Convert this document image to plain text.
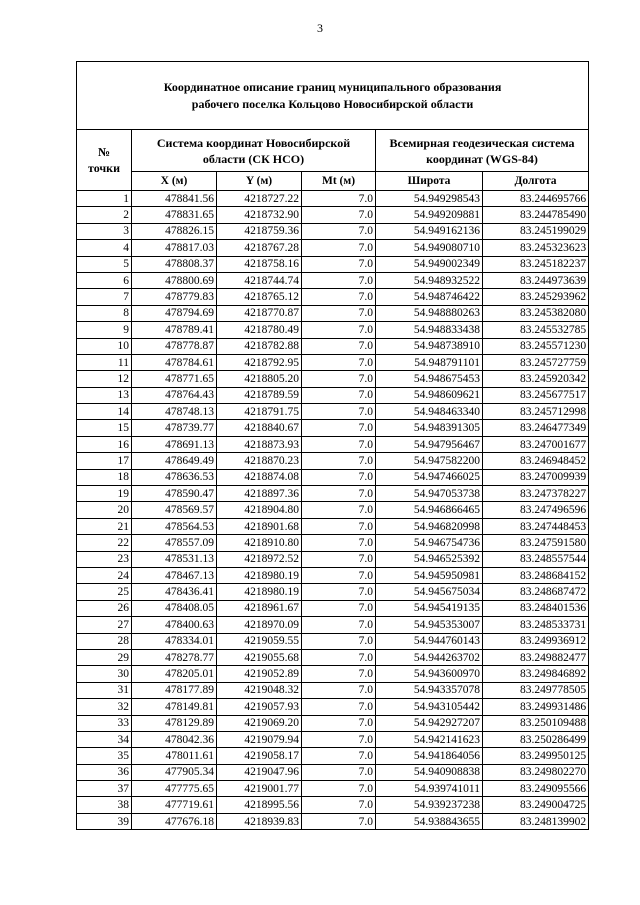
3
Координатное описание границ муниципального образования
рабочего поселка Кольцово Новосибирской области					

№
точки	Система координат Новосибирской
области (СК НСО)			Всемирная геодезическая система
координат (WGS-84)	

	X (м)	Y (м)	Mt (м)	Широта	Долгота
1	478841.56	4218727.22	7.0	54.949298543	83.244695766
2	478831.65	4218732.90	7.0	54.949209881	83.244785490
3	478826.15	4218759.36	7.0	54.949162136	83.245199029
4	478817.03	4218767.28	7.0	54.949080710	83.245323623
5	478808.37	4218758.16	7.0	54.949002349	83.245182237
6	478800.69	4218744.74	7.0	54.948932522	83.244973639
7	478779.83	4218765.12	7.0	54.948746422	83.245293962
8	478794.69	4218770.87	7.0	54.948880263	83.245382080
9	478789.41	4218780.49	7.0	54.948833438	83.245532785
10	478778.87	4218782.88	7.0	54.948738910	83.245571230
11	478784.61	4218792.95	7.0	54.948791101	83.245727759
12	478771.65	4218805.20	7.0	54.948675453	83.245920342
13	478764.43	4218789.59	7.0	54.948609621	83.245677517
14	478748.13	4218791.75	7.0	54.948463340	83.245712998
15	478739.77	4218840.67	7.0	54.948391305	83.246477349
16	478691.13	4218873.93	7.0	54.947956467	83.247001677
17	478649.49	4218870.23	7.0	54.947582200	83.246948452
18	478636.53	4218874.08	7.0	54.947466025	83.247009939
19	478590.47	4218897.36	7.0	54.947053738	83.247378227
20	478569.57	4218904.80	7.0	54.946866465	83.247496596
21	478564.53	4218901.68	7.0	54.946820998	83.247448453
22	478557.09	4218910.80	7.0	54.946754736	83.247591580
23	478531.13	4218972.52	7.0	54.946525392	83.248557544
24	478467.13	4218980.19	7.0	54.945950981	83.248684152
25	478436.41	4218980.19	7.0	54.945675034	83.248687472
26	478408.05	4218961.67	7.0	54.945419135	83.248401536
27	478400.63	4218970.09	7.0	54.945353007	83.248533731
28	478334.01	4219059.55	7.0	54.944760143	83.249936912
29	478278.77	4219055.68	7.0	54.944263702	83.249882477
30	478205.01	4219052.89	7.0	54.943600970	83.249846892
31	478177.89	4219048.32	7.0	54.943357078	83.249778505
32	478149.81	4219057.93	7.0	54.943105442	83.249931486
33	478129.89	4219069.20	7.0	54.942927207	83.250109488
34	478042.36	4219079.94	7.0	54.942141623	83.250286499
35	478011.61	4219058.17	7.0	54.941864056	83.249950125
36	477905.34	4219047.96	7.0	54.940908838	83.249802270
37	477775.65	4219001.77	7.0	54.939741011	83.249095566
38	477719.61	4218995.56	7.0	54.939237238	83.249004725
39	477676.18	4218939.83	7.0	54.938843655	83.248139902
